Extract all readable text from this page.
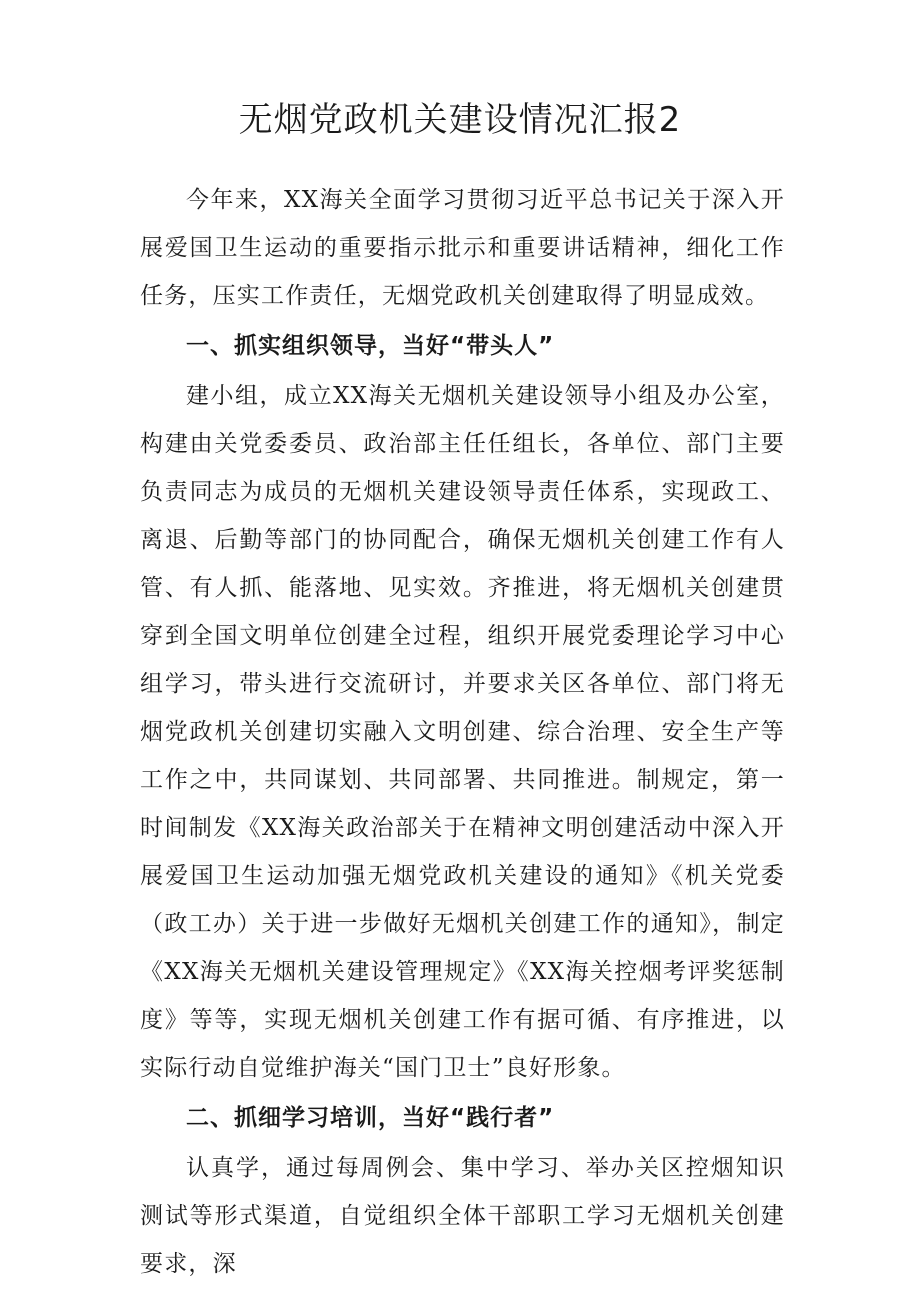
无烟党政机关建设情况汇报2

今年来，XX海关全面学习贯彻习近平总书记关于深入开展爱国卫生运动的重要指示批示和重要讲话精神，细化工作任务，压实工作责任，无烟党政机关创建取得了明显成效。

一、抓实组织领导，当好“带头人”

建小组，成立XX海关无烟机关建设领导小组及办公室，构建由关党委委员、政治部主任任组长，各单位、部门主要负责同志为成员的无烟机关建设领导责任体系，实现政工、离退、后勤等部门的协同配合，确保无烟机关创建工作有人管、有人抓、能落地、见实效。齐推进，将无烟机关创建贯穿到全国文明单位创建全过程，组织开展党委理论学习中心组学习，带头进行交流研讨，并要求关区各单位、部门将无烟党政机关创建切实融入文明创建、综合治理、安全生产等工作之中，共同谋划、共同部署、共同推进。制规定，第一时间制发《XX海关政治部关于在精神文明创建活动中深入开展爱国卫生运动加强无烟党政机关建设的通知》《机关党委（政工办）关于进一步做好无烟机关创建工作的通知》，制定《XX海关无烟机关建设管理规定》《XX海关控烟考评奖惩制度》等等，实现无烟机关创建工作有据可循、有序推进，以实际行动自觉维护海关“国门卫士”良好形象。

二、抓细学习培训，当好“践行者”

认真学，通过每周例会、集中学习、举办关区控烟知识测试等形式渠道，自觉组织全体干部职工学习无烟机关创建要求，深
